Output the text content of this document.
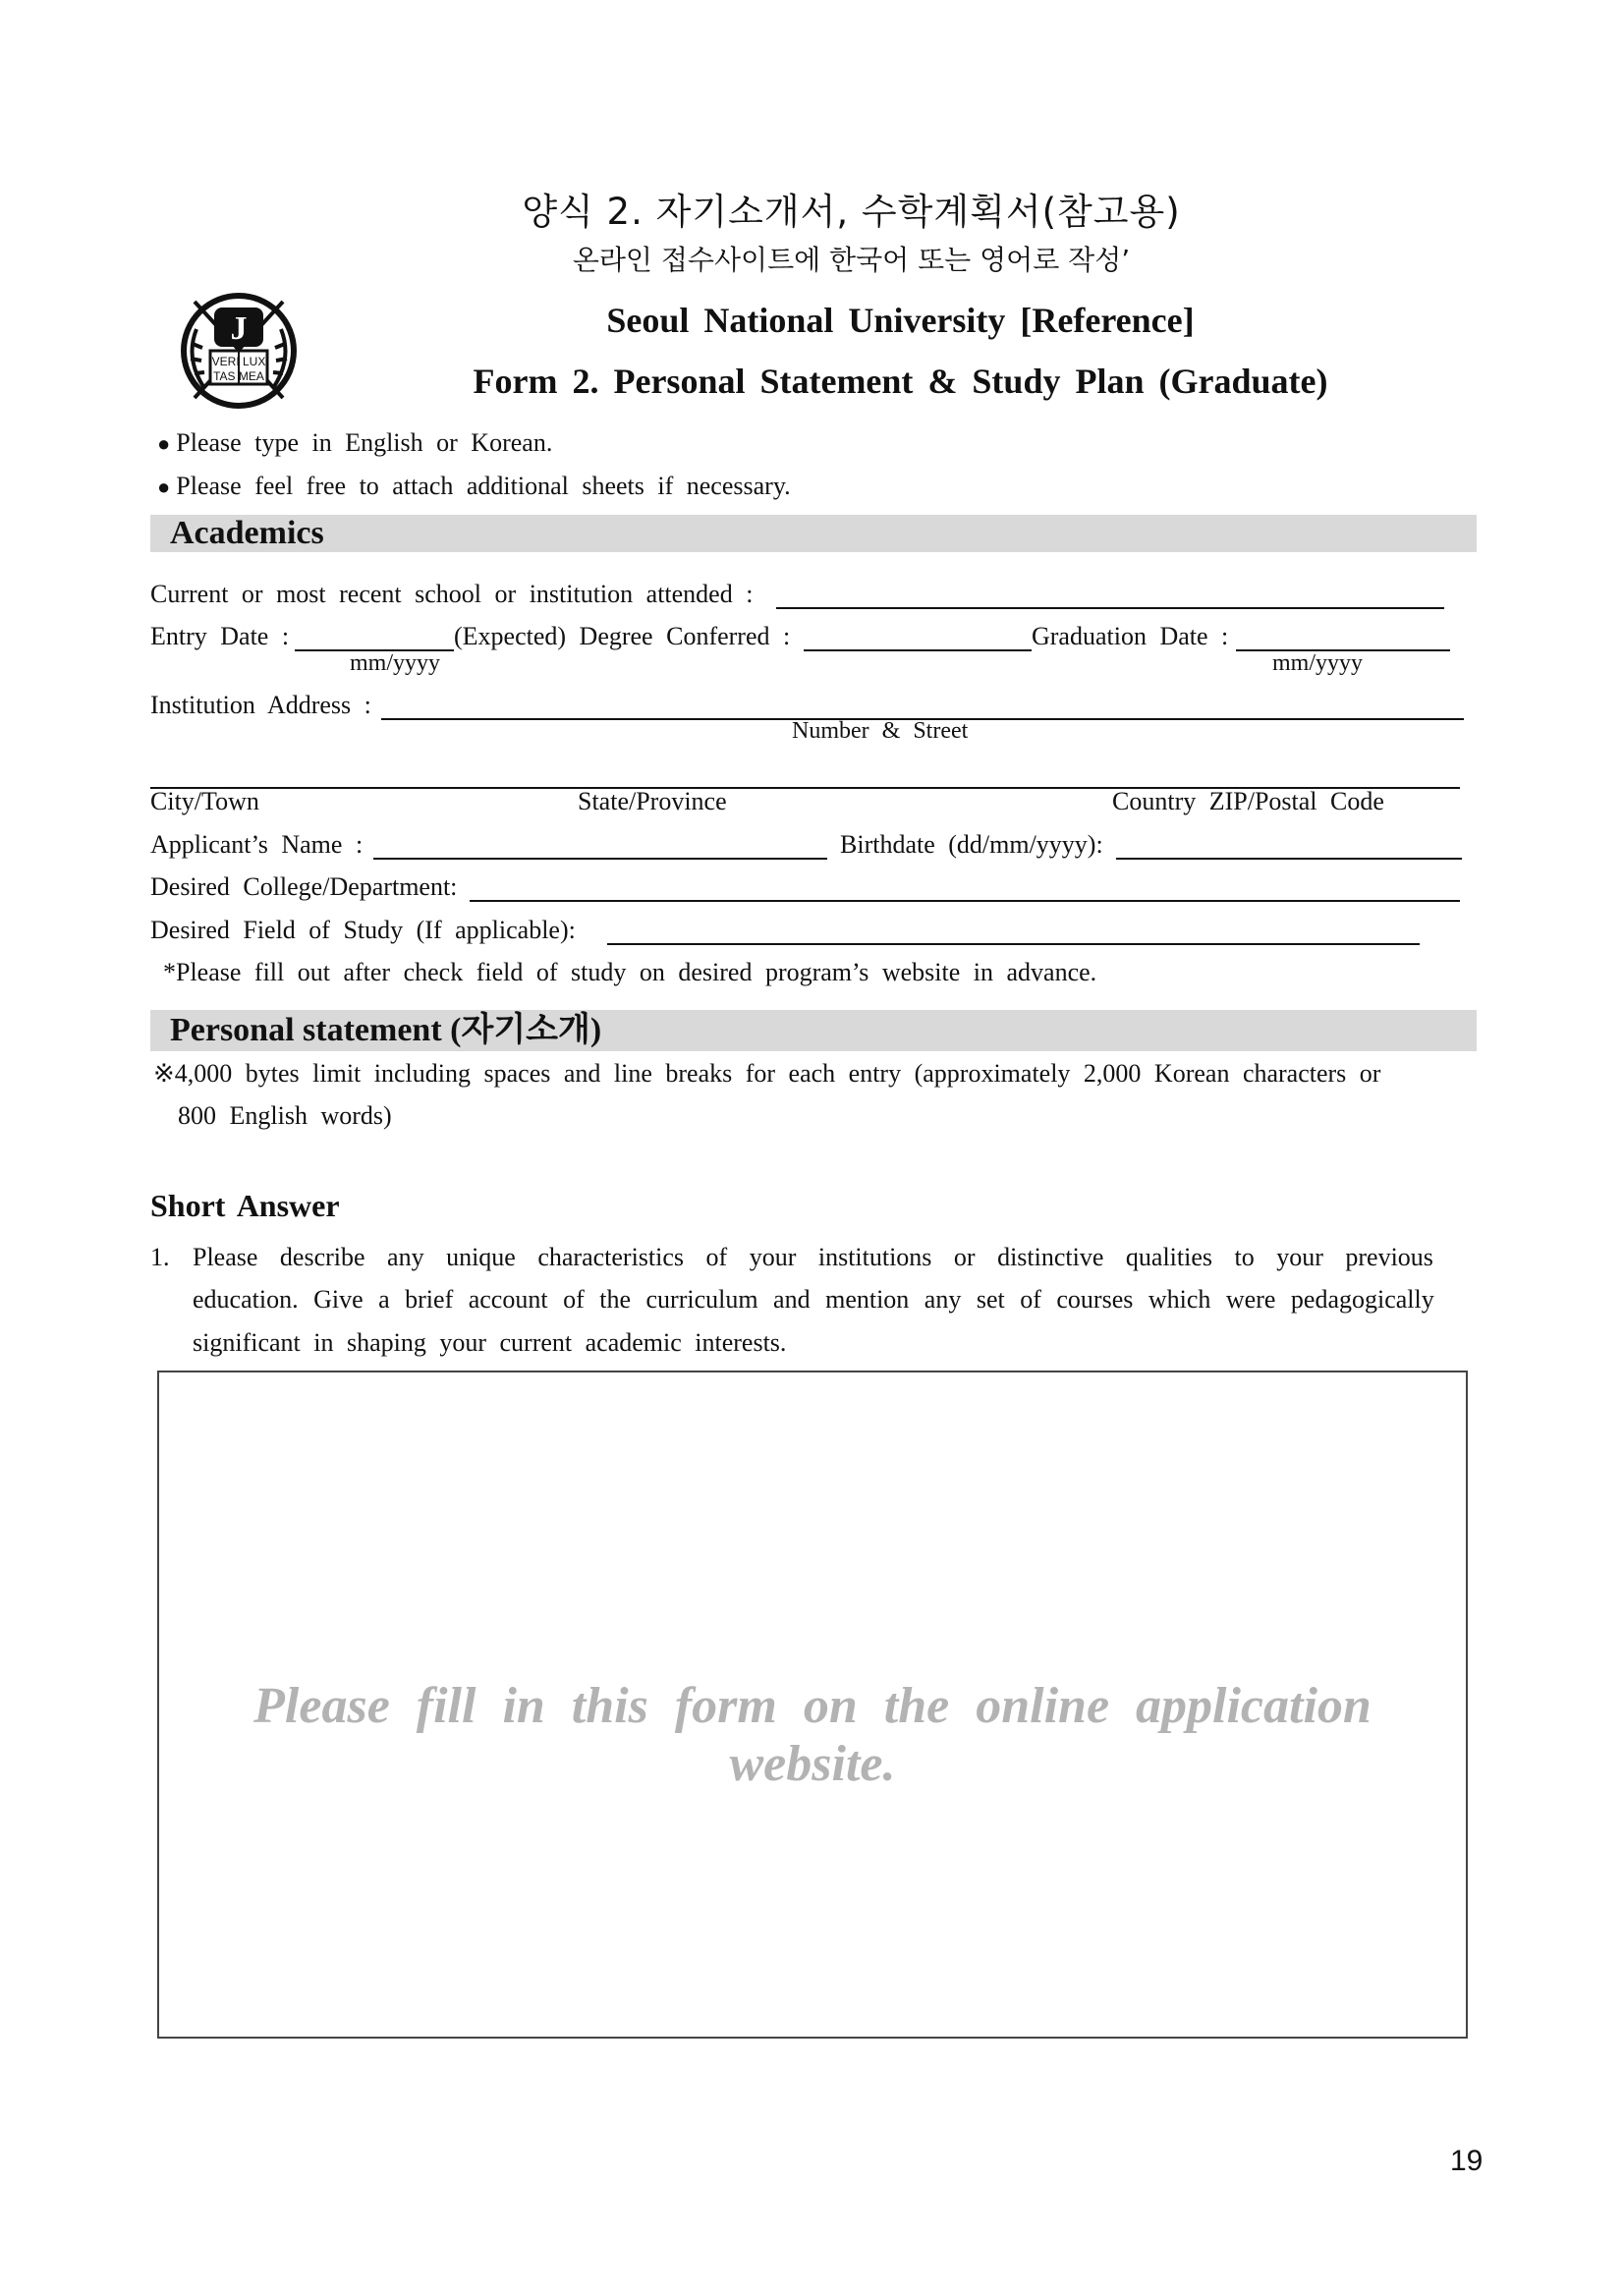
양식 2. 자기소개서, 수학계획서(참고용)
온라인 접수사이트에 한국어 또는 영어로 작성’
J
VERI LUX
TAS MEA
Seoul National University [Reference]
Form 2. Personal Statement & Study Plan (Graduate)
● Please type in English or Korean.
● Please feel free to attach additional sheets if necessary.
Academics
Current or most recent school or institution attended :
Entry Date :	(Expected) Degree Conferred :	Graduation Date :
mm/yyyy	mm/yyyy
Institution Address :
Number & Street
City/Town	State/Province	Country ZIP/Postal Code
Applicant’s Name :	Birthdate (dd/mm/yyyy):
Desired College/Department:
Desired Field of Study (If applicable):
*Please fill out after check field of study on desired program’s website in advance.
Personal statement (자기소개)
※4,000 bytes limit including spaces and line breaks for each entry (approximately 2,000 Korean characters or
800 English words)
Short Answer
1. Please describe any unique characteristics of your institutions or distinctive qualities to your previous
education. Give a brief account of the curriculum and mention any set of courses which were pedagogically
significant in shaping your current academic interests.
Please fill in this form on the online application website.
19
